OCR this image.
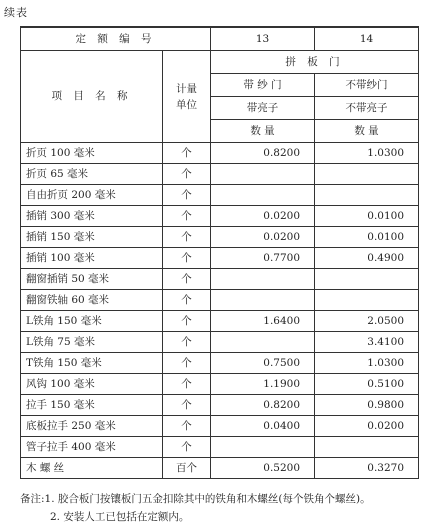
续表
定 额 编 号		13	14
项 目 名 称	计量
单位	拼 板 门	
		带 纱 门	不带纱门
		带亮子	不带亮子
		数 量	数 量
折页 100 毫米	个	0.8200	1.0300
折页 65 毫米	个		
自由折页 200 毫米	个		
插销 300 毫米	个	0.0200	0.0100
插销 150 毫米	个	0.0200	0.0100
插销 100 毫米	个	0.7700	0.4900
翻窗插销 50 毫米	个		
翻窗铁轴 60 毫米	个		
L铁角 150 毫米	个	1.6400	2.0500
L铁角 75 毫米	个		3.4100
T铁角 150 毫米	个	0.7500	1.0300
风钩 100 毫米	个	1.1900	0.5100
拉手 150 毫米	个	0.8200	0.9800
底板拉手 250 毫米	个	0.0400	0.0200
管子拉手 400 毫米	个		
木 螺 丝	百个	0.5200	0.3270
备注:1. 胶合板门按镶板门五金扣除其中的铁角和木螺丝(每个铁角个螺丝)。
2. 安装人工已包括在定额内。
